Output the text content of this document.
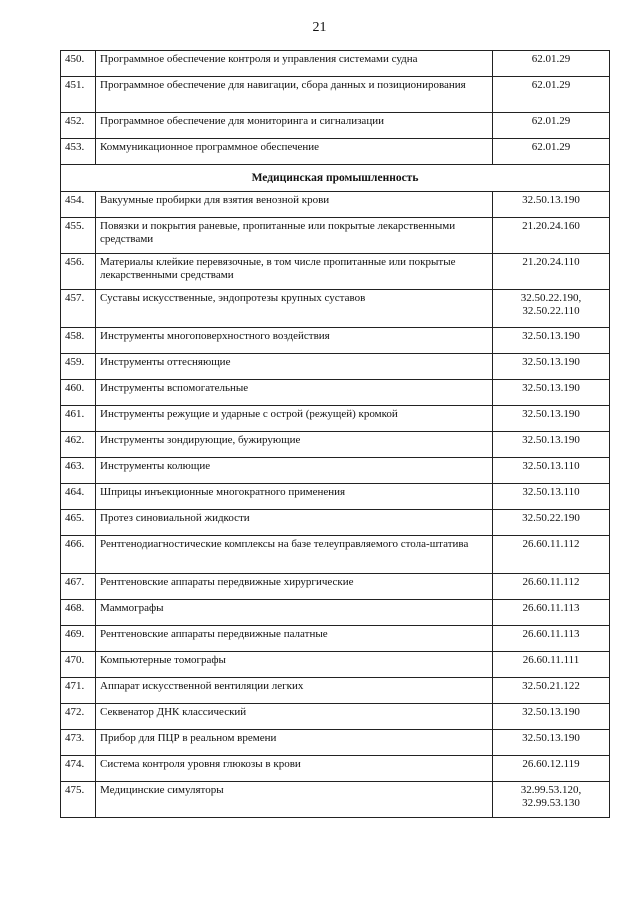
21
450.	Программное обеспечение контроля и управления системами судна	62.01.29
451.	Программное обеспечение для навигации, сбора данных и позиционирования	62.01.29
452.	Программное обеспечение для мониторинга и сигнализации	62.01.29
453.	Коммуникационное программное обеспечение	62.01.29
Медицинская промышленность		
454.	Вакуумные пробирки для взятия венозной крови	32.50.13.190
455.	Повязки и покрытия раневые, пропитанные или покрытые лекарственными средствами	21.20.24.160
456.	Материалы клейкие перевязочные, в том числе пропитанные или покрытые лекарственными средствами	21.20.24.110
457.	Суставы искусственные, эндопротезы крупных суставов	32.50.22.190,
32.50.22.110
458.	Инструменты многоповерхностного воздействия	32.50.13.190
459.	Инструменты оттесняющие	32.50.13.190
460.	Инструменты вспомогательные	32.50.13.190
461.	Инструменты режущие и ударные с острой (режущей) кромкой	32.50.13.190
462.	Инструменты зондирующие, бужирующие	32.50.13.190
463.	Инструменты колющие	32.50.13.110
464.	Шприцы инъекционные многократного применения	32.50.13.110
465.	Протез синовиальной жидкости	32.50.22.190
466.	Рентгенодиагностические комплексы на базе телеуправляемого стола-штатива	26.60.11.112
467.	Рентгеновские аппараты передвижные хирургические	26.60.11.112
468.	Маммографы	26.60.11.113
469.	Рентгеновские аппараты передвижные палатные	26.60.11.113
470.	Компьютерные томографы	26.60.11.111
471.	Аппарат искусственной вентиляции легких	32.50.21.122
472.	Секвенатор ДНК классический	32.50.13.190
473.	Прибор для ПЦР в реальном времени	32.50.13.190
474.	Система контроля уровня глюкозы в крови	26.60.12.119
475.	Медицинские симуляторы	32.99.53.120,
32.99.53.130
